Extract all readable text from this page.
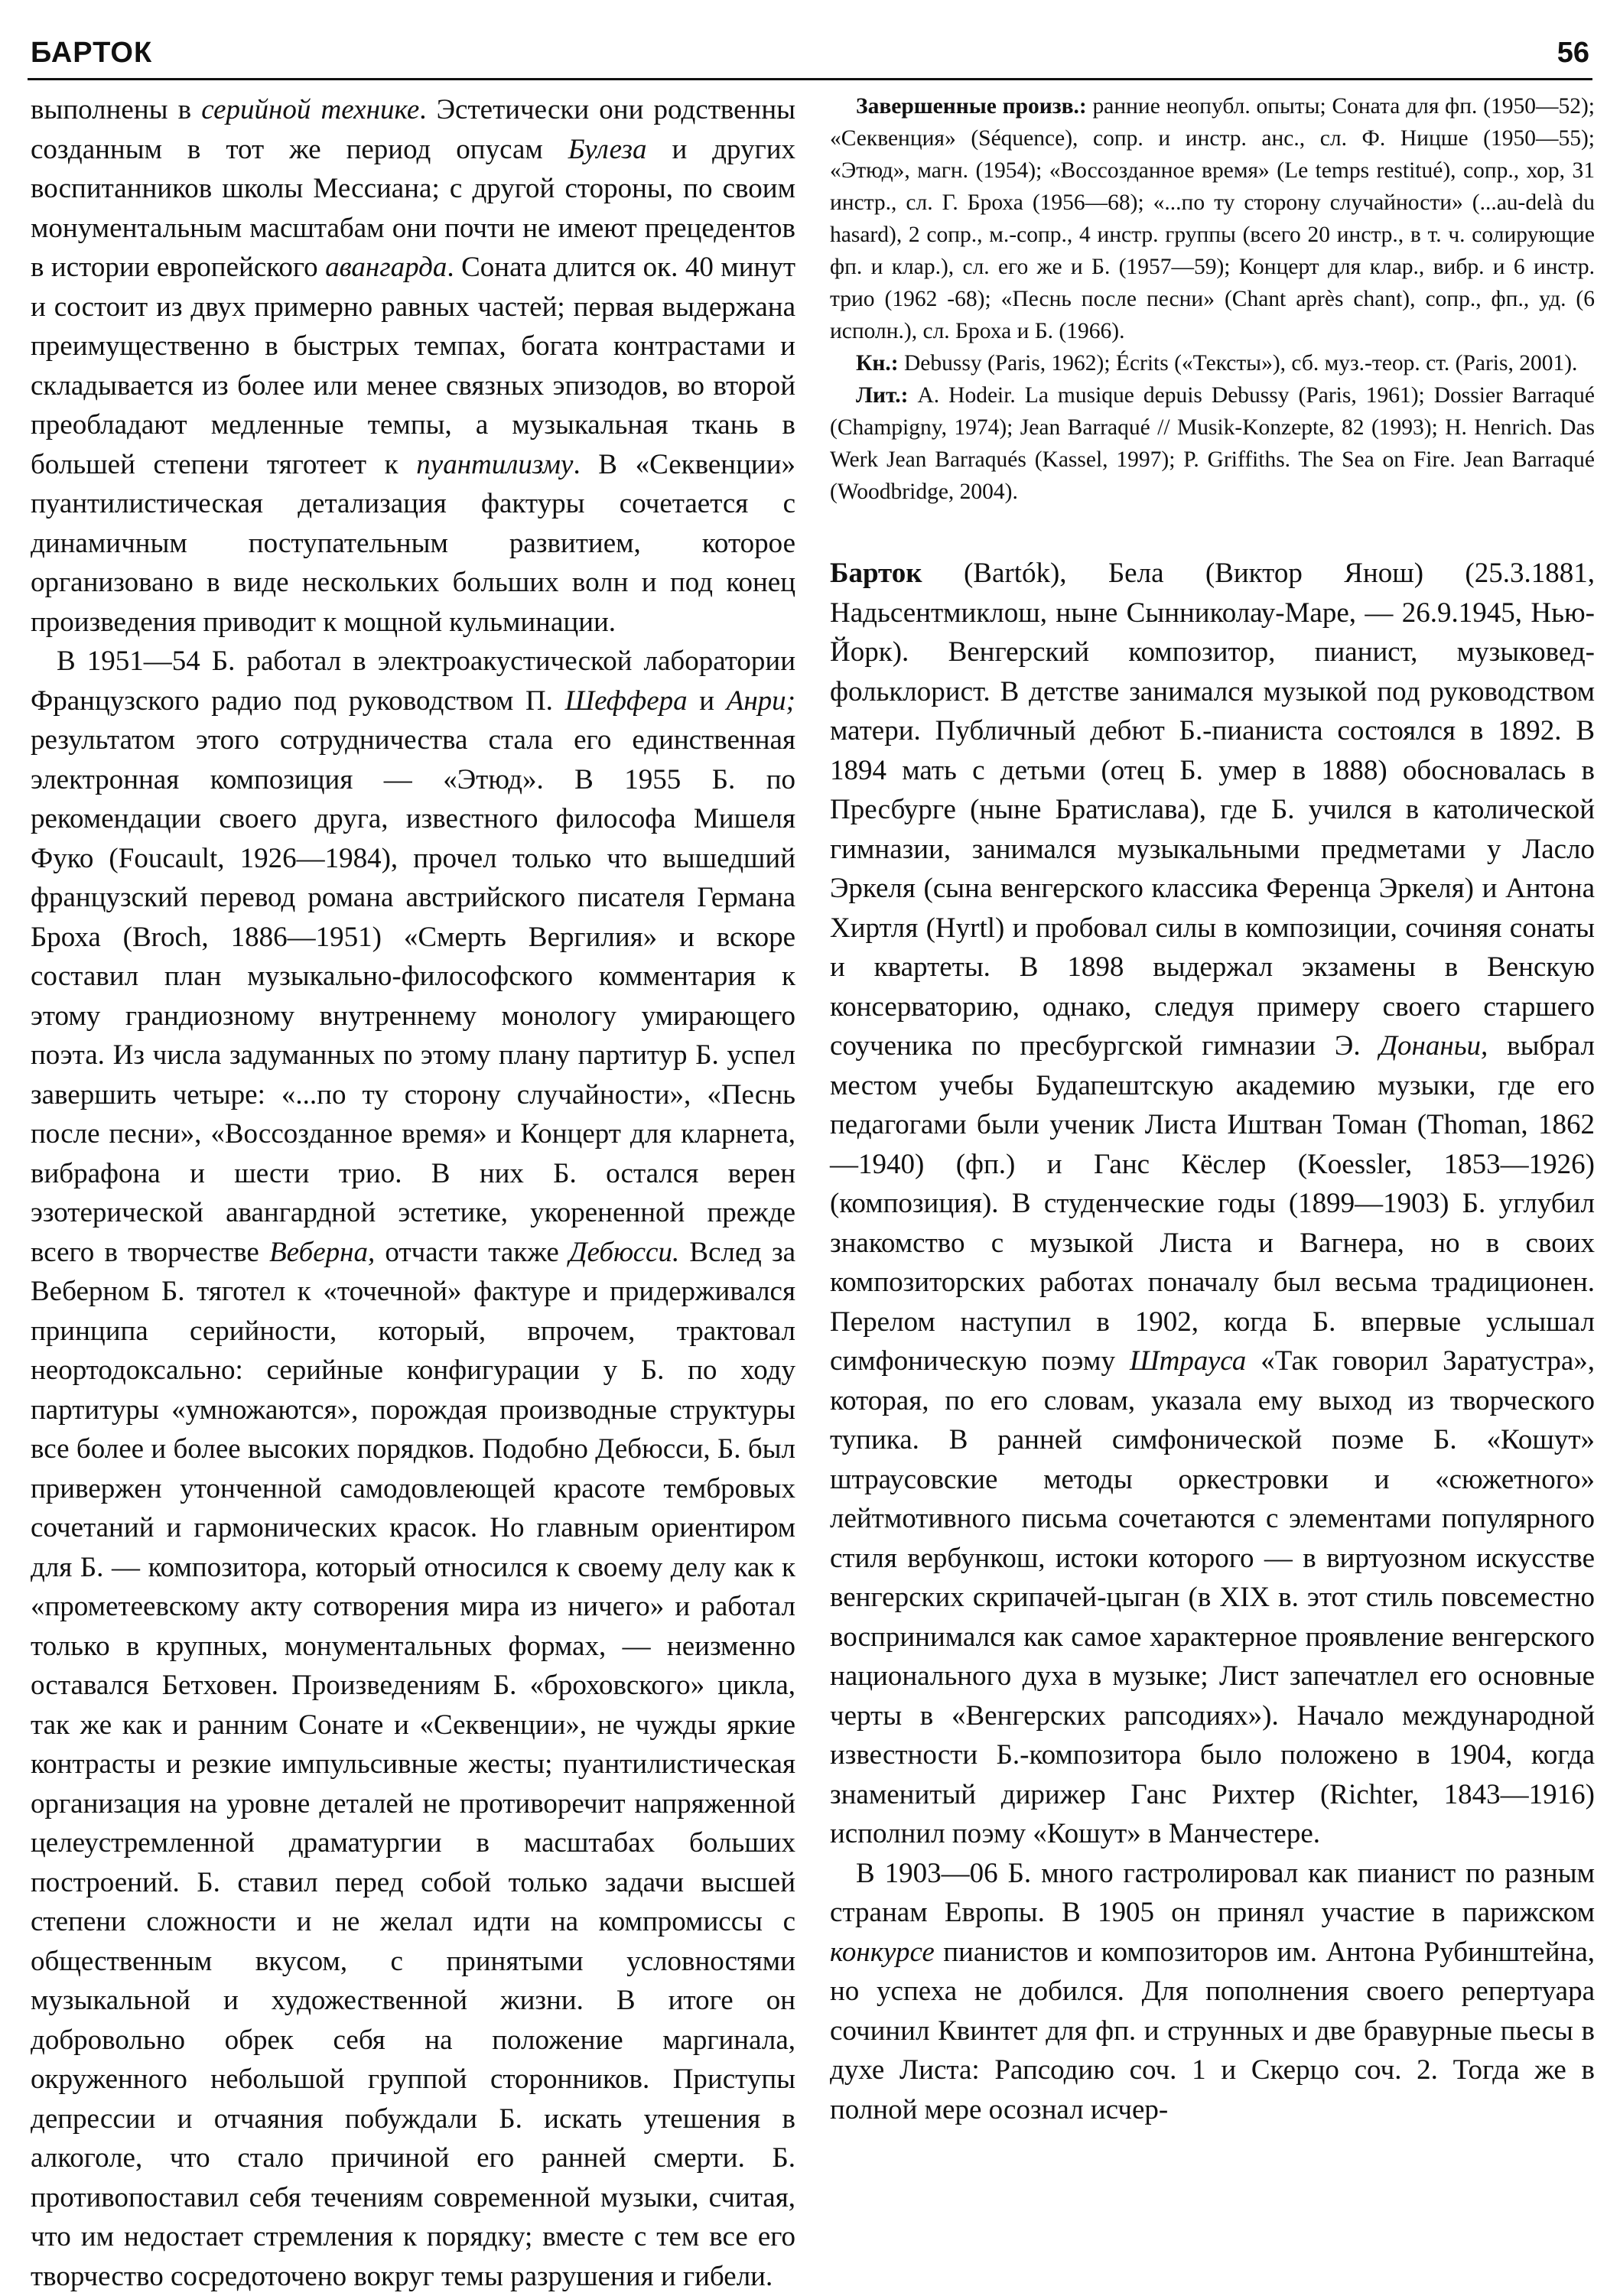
БАРТОК	56

выполнены в серийной технике. Эстетически они родственны созданным в тот же период опусам Булеза и других воспитанников школы Мессиана; с другой стороны, по своим монументальным масштабам они почти не имеют прецедентов в истории европейского авангарда. Соната длится ок. 40 минут и состоит из двух примерно равных частей; первая выдержана преимущественно в быстрых темпах, богата контрастами и складывается из более или менее связных эпизодов, во второй преобладают медленные темпы, а музыкальная ткань в большей степени тяготеет к пуантилизму. В «Секвенции» пуантилистическая детализация фактуры сочетается с динамичным поступательным развитием, которое организовано в виде нескольких больших волн и под конец произведения приводит к мощной кульминации.

В 1951—54 Б. работал в электроакустической лаборатории Французского радио под руководством П. Шеффера и Анри; результатом этого сотрудничества стала его единственная электронная композиция — «Этюд». В 1955 Б. по рекомендации своего друга, известного философа Мишеля Фуко (Foucault, 1926—1984), прочел только что вышедший французский перевод романа австрийского писателя Германа Броха (Broch, 1886—1951) «Смерть Вергилия» и вскоре составил план музыкально-философского комментария к этому грандиозному внутреннему монологу умирающего поэта. Из числа задуманных по этому плану партитур Б. успел завершить четыре: «...по ту сторону случайности», «Песнь после песни», «Воссозданное время» и Концерт для кларнета, вибрафона и шести трио. В них Б. остался верен эзотерической авангардной эстетике, укорененной прежде всего в творчестве Веберна, отчасти также Дебюсси. Вслед за Веберном Б. тяготел к «точечной» фактуре и придерживался принципа серийности, который, впрочем, трактовал неортодоксально: серийные конфигурации у Б. по ходу партитуры «умножаются», порождая производные структуры все более и более высоких порядков. Подобно Дебюсси, Б. был привержен утонченной самодовлеющей красоте тембровых сочетаний и гармонических красок. Но главным ориентиром для Б. — композитора, который относился к своему делу как к «прометеевскому акту сотворения мира из ничего» и работал только в крупных, монументальных формах, — неизменно оставался Бетховен. Произведениям Б. «броховского» цикла, так же как и ранним Сонате и «Секвенции», не чужды яркие контрасты и резкие импульсивные жесты; пуантилистическая организация на уровне деталей не противоречит напряженной целеустремленной драматургии в масштабах больших построений. Б. ставил перед собой только задачи высшей степени сложности и не желал идти на компромиссы с общественным вкусом, с принятыми условностями музыкальной и художественной жизни. В итоге он добровольно обрек себя на положение маргинала, окруженного небольшой группой сторонников. Приступы депрессии и отчаяния побуждали Б. искать утешения в алкоголе, что стало причиной его ранней смерти. Б. противопоставил себя течениям современной музыки, считая, что им недостает стремления к порядку; вместе с тем все его творчество сосредоточено вокруг темы разрушения и гибели.

Завершенные произв.: ранние неопубл. опыты; Соната для фп. (1950—52); «Секвенция» (Séquence), сопр. и инстр. анс., сл. Ф. Ницше (1950—55); «Этюд», магн. (1954); «Воссозданное время» (Le temps restitué), сопр., хор, 31 инстр., сл. Г. Броха (1956—68); «...по ту сторону случайности» (...au-delà du hasard), 2 сопр., м.-сопр., 4 инстр. группы (всего 20 инстр., в т. ч. солирующие фп. и клар.), сл. его же и Б. (1957—59); Концерт для клар., вибр. и 6 инстр. трио (1962 -68); «Песнь после песни» (Chant après chant), сопр., фп., уд. (6 исполн.), сл. Броха и Б. (1966).

Кн.: Debussy (Paris, 1962); Écrits («Тексты»), сб. муз.-теор. ст. (Paris, 2001).

Лит.: A. Hodeir. La musique depuis Debussy (Paris, 1961); Dossier Barraqué (Champigny, 1974); Jean Barraqué // Musik-Konzepte, 82 (1993); H. Henrich. Das Werk Jean Barraqués (Kassel, 1997); P. Griffiths. The Sea on Fire. Jean Barraqué (Woodbridge, 2004).

Барток (Bartók), Бела (Виктор Янош) (25.3.1881, Надьсентмиклош, ныне Сынниколау-Маре, — 26.9.1945, Нью-Йорк). Венгерский композитор, пианист, музыковед-фольклорист. В детстве занимался музыкой под руководством матери. Публичный дебют Б.-пианиста состоялся в 1892. В 1894 мать с детьми (отец Б. умер в 1888) обосновалась в Пресбурге (ныне Братислава), где Б. учился в католической гимназии, занимался музыкальными предметами у Ласло Эркеля (сына венгерского классика Ференца Эркеля) и Антона Хиртля (Hyrtl) и пробовал силы в композиции, сочиняя сонаты и квартеты. В 1898 выдержал экзамены в Венскую консерваторию, однако, следуя примеру своего старшего соученика по пресбургской гимназии Э. Донаньи, выбрал местом учебы Будапештскую академию музыки, где его педагогами были ученик Листа Иштван Томан (Thoman, 1862—1940) (фп.) и Ганс Кёслер (Koessler, 1853—1926) (композиция). В студенческие годы (1899—1903) Б. углубил знакомство с музыкой Листа и Вагнера, но в своих композиторских работах поначалу был весьма традиционен. Перелом наступил в 1902, когда Б. впервые услышал симфоническую поэму Штрауса «Так говорил Заратустра», которая, по его словам, указала ему выход из творческого тупика. В ранней симфонической поэме Б. «Кошут» штраусовские методы оркестровки и «сюжетного» лейтмотивного письма сочетаются с элементами популярного стиля вербункош, истоки которого — в виртуозном искусстве венгерских скрипачей-цыган (в XIX в. этот стиль повсеместно воспринимался как самое характерное проявление венгерского национального духа в музыке; Лист запечатлел его основные черты в «Венгерских рапсодиях»). Начало международной известности Б.-композитора было положено в 1904, когда знаменитый дирижер Ганс Рихтер (Richter, 1843—1916) исполнил поэму «Кошут» в Манчестере.

В 1903—06 Б. много гастролировал как пианист по разным странам Европы. В 1905 он принял участие в парижском конкурсе пианистов и композиторов им. Антона Рубинштейна, но успеха не добился. Для пополнения своего репертуара сочинил Квинтет для фп. и струнных и две бравурные пьесы в духе Листа: Рапсодию соч. 1 и Скерцо соч. 2. Тогда же в полной мере осознал исчер-
